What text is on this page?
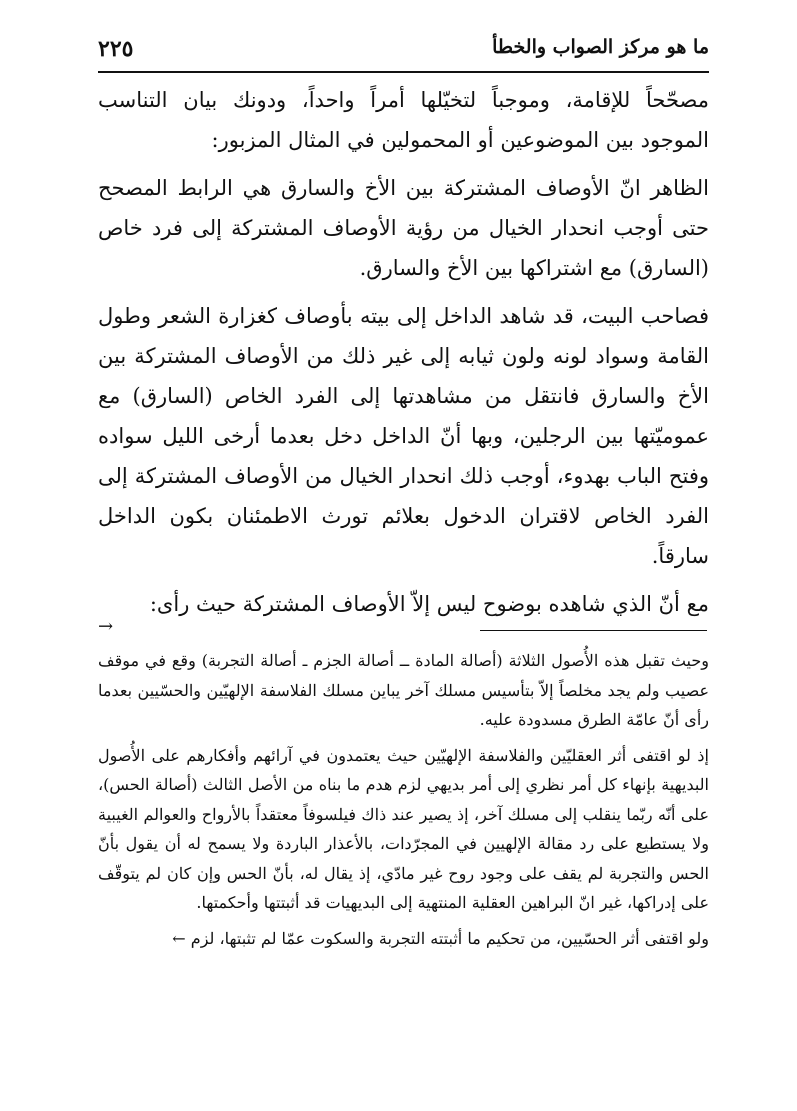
ما هو مركز الصواب والخطأ
٢٢٥

مصحّحاً للإقامة، وموجباً لتخيّلها أمراً واحداً، ودونك بيان التناسب الموجود بين الموضوعين أو المحمولين في المثال المزبور:

الظاهر انّ الأوصاف المشتركة بين الأخ والسارق هي الرابط المصحح حتى أوجب انحدار الخيال من رؤية الأوصاف المشتركة إلى فرد خاص (السارق) مع اشتراكها بين الأخ والسارق.

فصاحب البيت، قد شاهد الداخل إلى بيته بأوصاف كغزارة الشعر وطول القامة وسواد لونه ولون ثيابه إلى غير ذلك من الأوصاف المشتركة بين الأخ والسارق فانتقل من مشاهدتها إلى الفرد الخاص (السارق) مع عموميّتها بين الرجلين، وبها أنّ الداخل دخل بعدما أرخى الليل سواده وفتح الباب بهدوء، أوجب ذلك انحدار الخيال من الأوصاف المشتركة إلى الفرد الخاص لاقتران الدخول بعلائم تورث الاطمئنان بكون الداخل سارقاً.

مع أنّ الذي شاهده بوضوح ليس إلاّ الأوصاف المشتركة حيث رأى:

→

وحيث تقبل هذه الأُصول الثلاثة (أصالة المادة ــ أصالة الجزم ـ أصالة التجربة) وقع في موقف عصيب ولم يجد مخلصاً إلاّ بتأسيس مسلك آخر يباين مسلك الفلاسفة الإلهيّين والحسّيين بعدما رأى أنّ عامّة الطرق مسدودة عليه.

إذ لو اقتفى أثر العقليّين والفلاسفة الإلهيّين حيث يعتمدون في آرائهم وأفكارهم على الأُصول البديهية بإنهاء كل أمر نظري إلى أمر بديهي لزم هدم ما بناه من الأصل الثالث (أصالة الحس)، على أنّه ربّما ينقلب إلى مسلك آخر، إذ يصير عند ذاك فيلسوفاً معتقداً بالأرواح والعوالم الغيبية ولا يستطيع على رد مقالة الإلهيين في المجرّدات، بالأعذار الباردة ولا يسمح له أن يقول بأنّ الحس والتجربة لم يقف على وجود روح غير مادّي، إذ يقال له، بأنّ الحس وإن كان لم يتوقّف على إدراكها، غير انّ البراهين العقلية المنتهية إلى البديهيات قد أثبتتها وأحكمتها.

ولو اقتفى أثر الحسّيين، من تحكيم ما أثبتته التجربة والسكوت عمّا لم تثبتها، لزم ←
